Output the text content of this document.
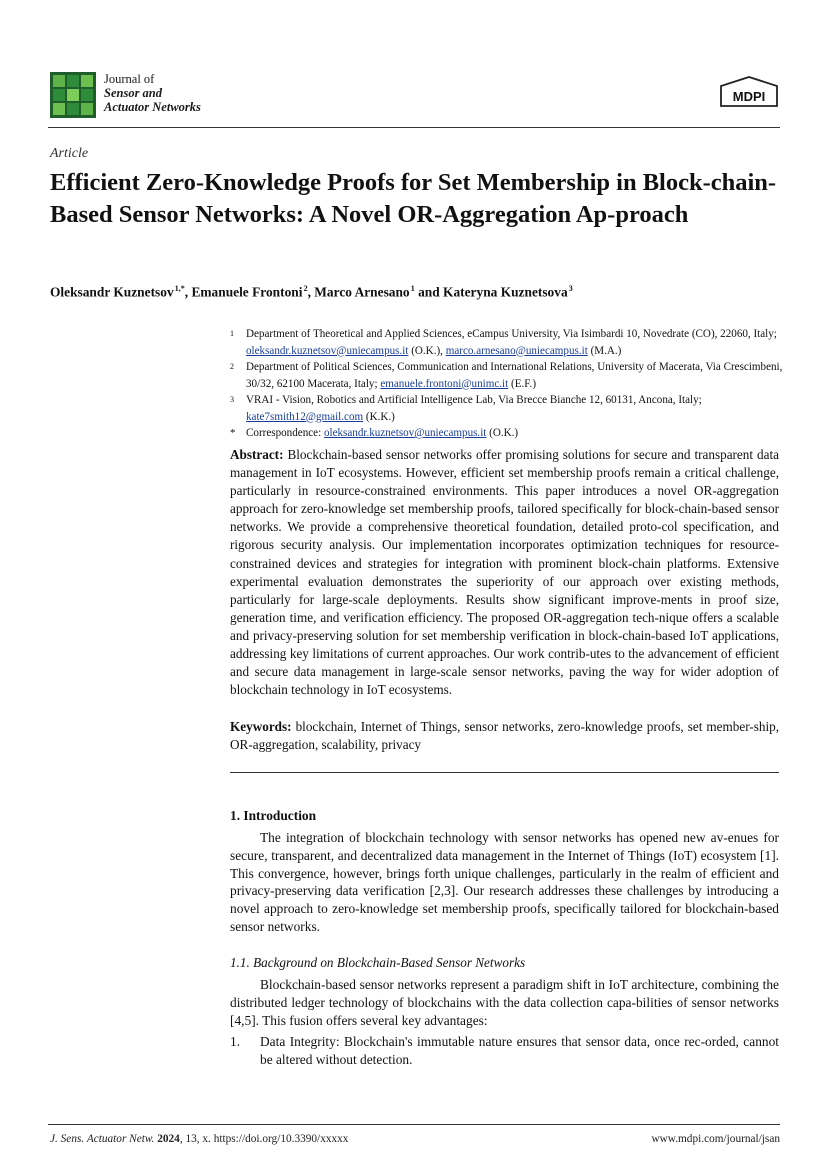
Journal of
Sensor and
Actuator Networks
MDPI
Article
Efficient Zero-Knowledge Proofs for Set Membership in Block-chain-Based Sensor Networks: A Novel OR-Aggregation Ap-proach
Oleksandr Kuznetsov $^{1,*}$, Emanuele Frontoni $^2$, Marco Arnesano $^1$ and Kateryna Kuznetsova $^3$
1 Department of Theoretical and Applied Sciences, eCampus University, Via Isimbardi 10, Novedrate (CO), 22060, Italy; oleksandr.kuznetsov@uniecampus.it (O.K.), marco.arnesano@uniecampus.it (M.A.)
2 Department of Political Sciences, Communication and International Relations, University of Macerata, Via Crescimbeni, 30/32, 62100 Macerata, Italy; emanuele.frontoni@unimc.it (E.F.)
3 VRAI - Vision, Robotics and Artificial Intelligence Lab, Via Brecce Bianche 12, 60131, Ancona, Italy; kate7smith12@gmail.com (K.K.)
* Correspondence: oleksandr.kuznetsov@uniecampus.it (O.K.)
Abstract: Blockchain-based sensor networks offer promising solutions for secure and transparent data management in IoT ecosystems. However, efficient set membership proofs remain a critical challenge, particularly in resource-constrained environments. This paper introduces a novel OR-aggregation approach for zero-knowledge set membership proofs, tailored specifically for block-chain-based sensor networks. We provide a comprehensive theoretical foundation, detailed proto-col specification, and rigorous security analysis. Our implementation incorporates optimization techniques for resource-constrained devices and strategies for integration with prominent block-chain platforms. Extensive experimental evaluation demonstrates the superiority of our approach over existing methods, particularly for large-scale deployments. Results show significant improve-ments in proof size, generation time, and verification efficiency. The proposed OR-aggregation tech-nique offers a scalable and privacy-preserving solution for set membership verification in block-chain-based IoT applications, addressing key limitations of current approaches. Our work contrib-utes to the advancement of efficient and secure data management in large-scale sensor networks, paving the way for wider adoption of blockchain technology in IoT ecosystems.
Keywords: blockchain, Internet of Things, sensor networks, zero-knowledge proofs, set member-ship, OR-aggregation, scalability, privacy
1. Introduction
The integration of blockchain technology with sensor networks has opened new av-enues for secure, transparent, and decentralized data management in the Internet of Things (IoT) ecosystem [1]. This convergence, however, brings forth unique challenges, particularly in the realm of efficient and privacy-preserving data verification [2,3]. Our research addresses these challenges by introducing a novel approach to zero-knowledge set membership proofs, specifically tailored for blockchain-based sensor networks.
1.1. Background on Blockchain-Based Sensor Networks
Blockchain-based sensor networks represent a paradigm shift in IoT architecture, combining the distributed ledger technology of blockchains with the data collection capa-bilities of sensor networks [4,5]. This fusion offers several key advantages:
1. Data Integrity: Blockchain's immutable nature ensures that sensor data, once rec-orded, cannot be altered without detection.
J. Sens. Actuator Netw. 2024, 13, x. https://doi.org/10.3390/xxxxx	www.mdpi.com/journal/jsan
